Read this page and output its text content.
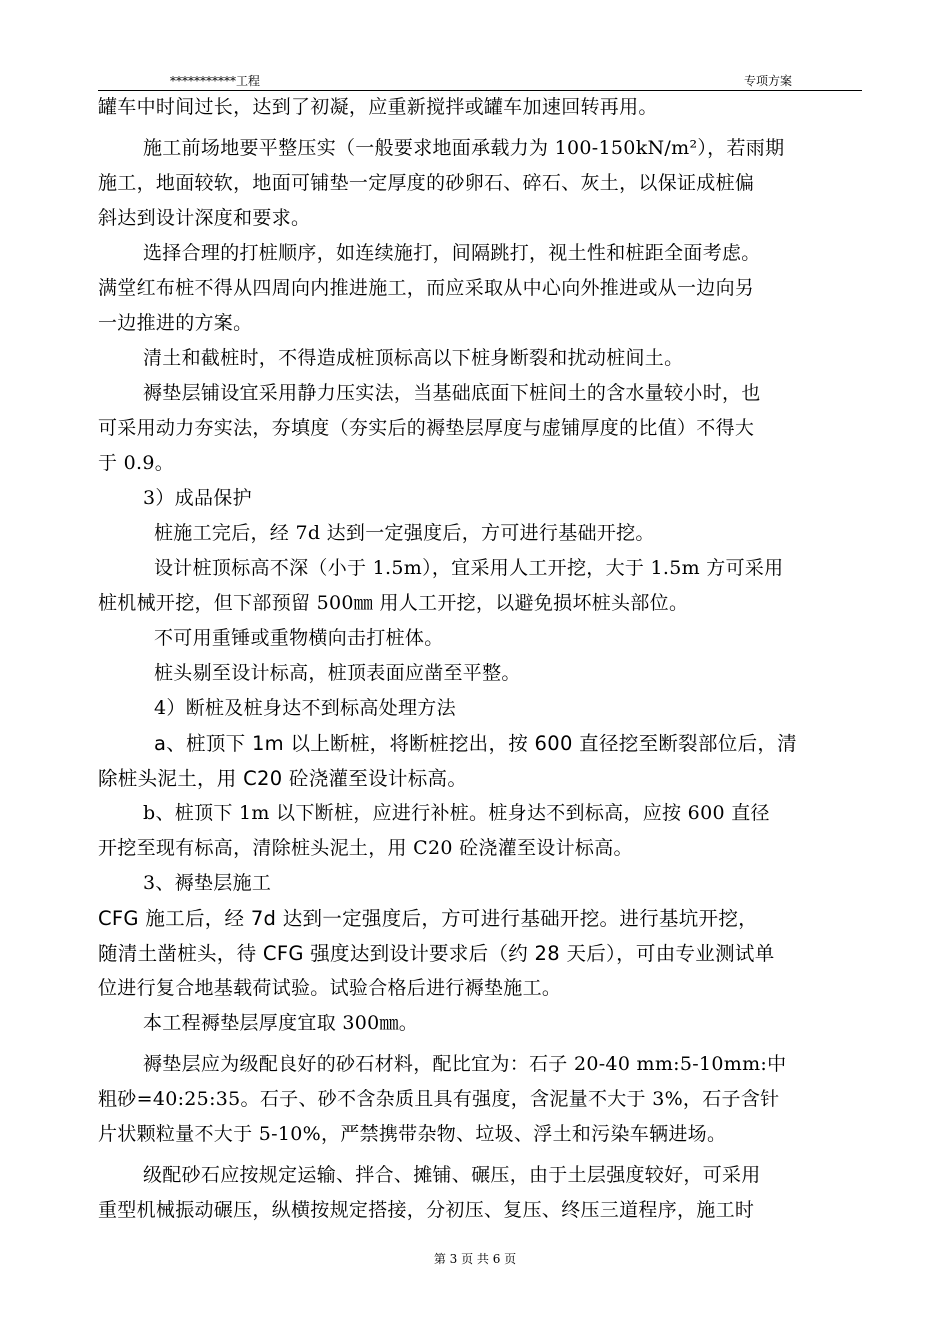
***********工程	专项方案

罐车中时间过长，达到了初凝，应重新搅拌或罐车加速回转再用。

施工前场地要平整压实（一般要求地面承载力为 100-150kN/m²），若雨期

施工，地面较软，地面可铺垫一定厚度的砂卵石、碎石、灰土，以保证成桩偏

斜达到设计深度和要求。

选择合理的打桩顺序，如连续施打，间隔跳打，视土性和桩距全面考虑。

满堂红布桩不得从四周向内推进施工，而应采取从中心向外推进或从一边向另

一边推进的方案。

清土和截桩时，不得造成桩顶标高以下桩身断裂和扰动桩间土。

褥垫层铺设宜采用静力压实法，当基础底面下桩间土的含水量较小时，也

可采用动力夯实法，夯填度（夯实后的褥垫层厚度与虚铺厚度的比值）不得大

于 0.9。

3）成品保护

桩施工完后，经 7d 达到一定强度后，方可进行基础开挖。

设计桩顶标高不深（小于 1.5m），宜采用人工开挖，大于 1.5m 方可采用

桩机械开挖，但下部预留 500㎜ 用人工开挖，以避免损坏桩头部位。

不可用重锤或重物横向击打桩体。

桩头剔至设计标高，桩顶表面应凿至平整。

4）断桩及桩身达不到标高处理方法

a、桩顶下 1m 以上断桩，将断桩挖出，按 600 直径挖至断裂部位后，清

除桩头泥土，用 C20 砼浇灌至设计标高。

b、桩顶下 1m 以下断桩，应进行补桩。桩身达不到标高，应按 600 直径

开挖至现有标高，清除桩头泥土，用 C20 砼浇灌至设计标高。

3、褥垫层施工

CFG 施工后，经 7d 达到一定强度后，方可进行基础开挖。进行基坑开挖，

随清土凿桩头，待 CFG 强度达到设计要求后（约 28 天后），可由专业测试单

位进行复合地基载荷试验。试验合格后进行褥垫施工。

本工程褥垫层厚度宜取 300㎜。

褥垫层应为级配良好的砂石材料，配比宜为：石子 20-40 mm:5-10mm:中

粗砂=40:25:35。石子、砂不含杂质且具有强度，含泥量不大于 3%，石子含针

片状颗粒量不大于 5-10%，严禁携带杂物、垃圾、浮土和污染车辆进场。

级配砂石应按规定运输、拌合、摊铺、碾压，由于土层强度较好，可采用

重型机械振动碾压，纵横按规定搭接，分初压、复压、终压三道程序，施工时

第 3 页 共 6 页
